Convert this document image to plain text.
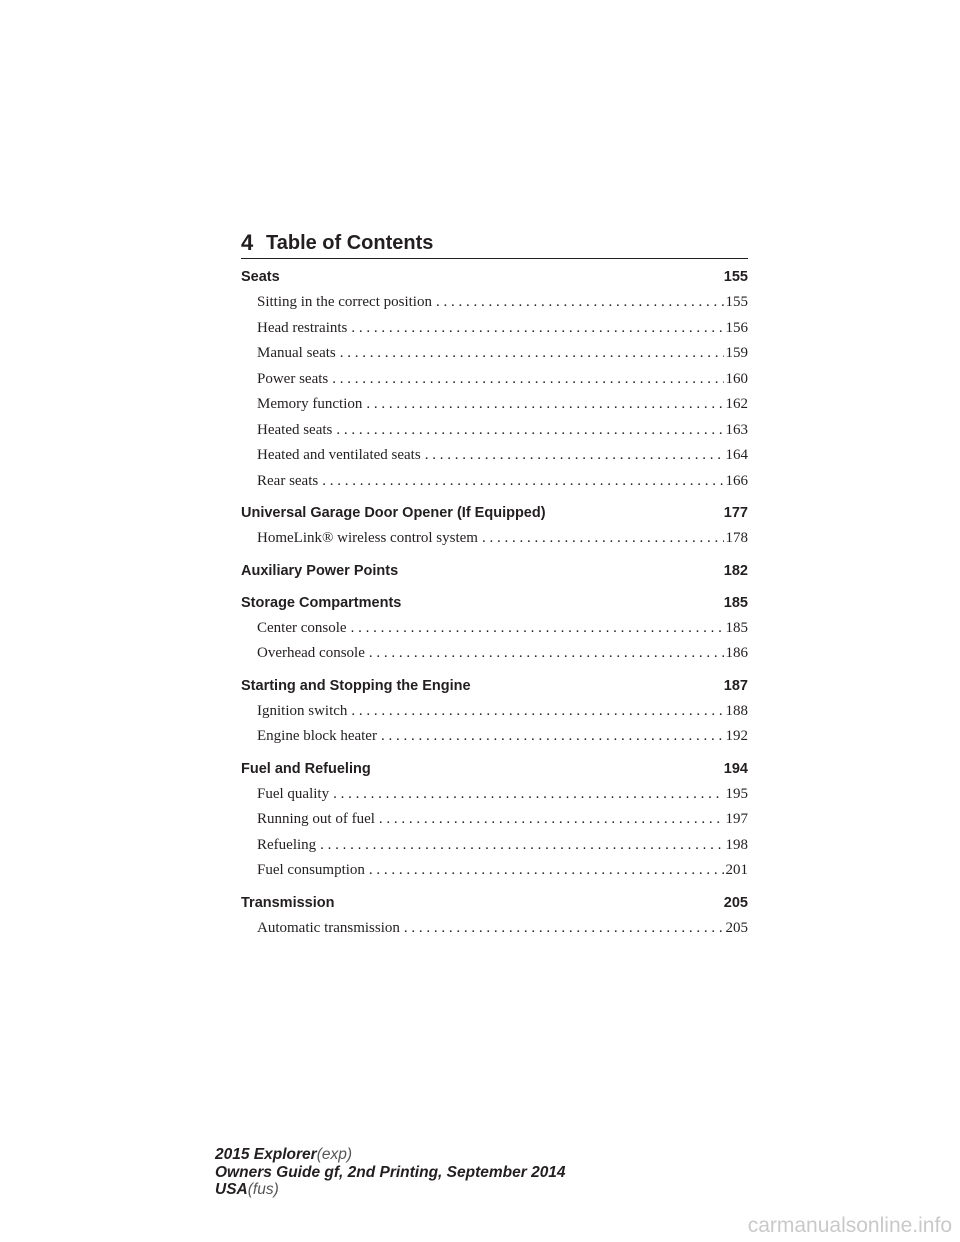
4 Table of Contents
Seats	155
Sitting in the correct position . . .	155
Head restraints . . .	156
Manual seats . . .	159
Power seats . . .	160
Memory function . . .	162
Heated seats . . .	163
Heated and ventilated seats . . .	164
Rear seats . . .	166
Universal Garage Door Opener (If Equipped)	177
HomeLink® wireless control system . . .	178
Auxiliary Power Points	182
Storage Compartments	185
Center console . . .	185
Overhead console . . .	186
Starting and Stopping the Engine	187
Ignition switch . . .	188
Engine block heater . . .	192
Fuel and Refueling	194
Fuel quality . . .	195
Running out of fuel . . .	197
Refueling . . .	198
Fuel consumption . . .	201
Transmission	205
Automatic transmission . . .	205
2015 Explorer(exp)
Owners Guide gf, 2nd Printing, September 2014
USA(fus)
carmanualsonline.info
